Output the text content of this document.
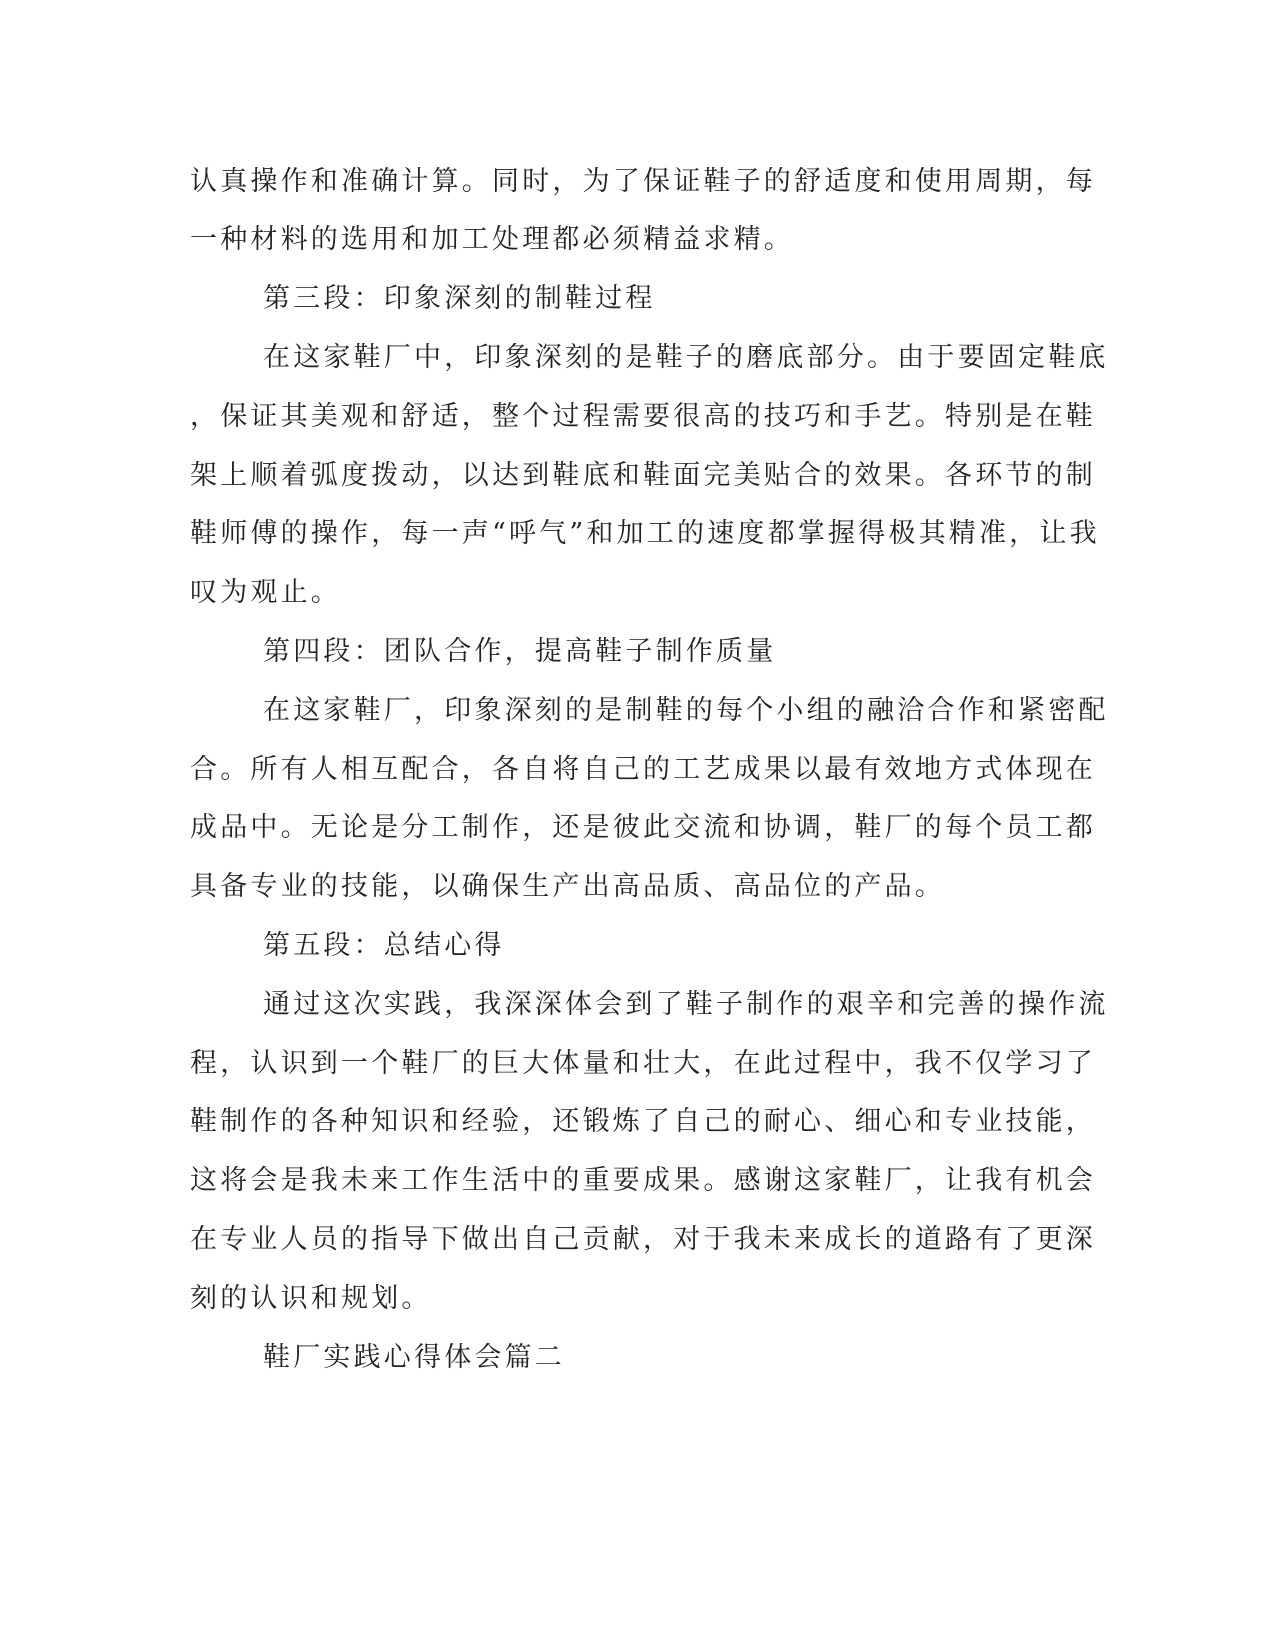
认真操作和准确计算。同时，为了保证鞋子的舒适度和使用周期，每

一种材料的选用和加工处理都必须精益求精。

第三段：印象深刻的制鞋过程

在这家鞋厂中，印象深刻的是鞋子的磨底部分。由于要固定鞋底

，保证其美观和舒适，整个过程需要很高的技巧和手艺。特别是在鞋

架上顺着弧度拨动，以达到鞋底和鞋面完美贴合的效果。各环节的制

鞋师傅的操作，每一声“呼气”和加工的速度都掌握得极其精准，让我

叹为观止。

第四段：团队合作，提高鞋子制作质量

在这家鞋厂，印象深刻的是制鞋的每个小组的融洽合作和紧密配

合。所有人相互配合，各自将自己的工艺成果以最有效地方式体现在

成品中。无论是分工制作，还是彼此交流和协调，鞋厂的每个员工都

具备专业的技能，以确保生产出高品质、高品位的产品。

第五段：总结心得

通过这次实践，我深深体会到了鞋子制作的艰辛和完善的操作流

程，认识到一个鞋厂的巨大体量和壮大，在此过程中，我不仅学习了

鞋制作的各种知识和经验，还锻炼了自己的耐心、细心和专业技能，

这将会是我未来工作生活中的重要成果。感谢这家鞋厂，让我有机会

在专业人员的指导下做出自己贡献，对于我未来成长的道路有了更深

刻的认识和规划。

鞋厂实践心得体会篇二
